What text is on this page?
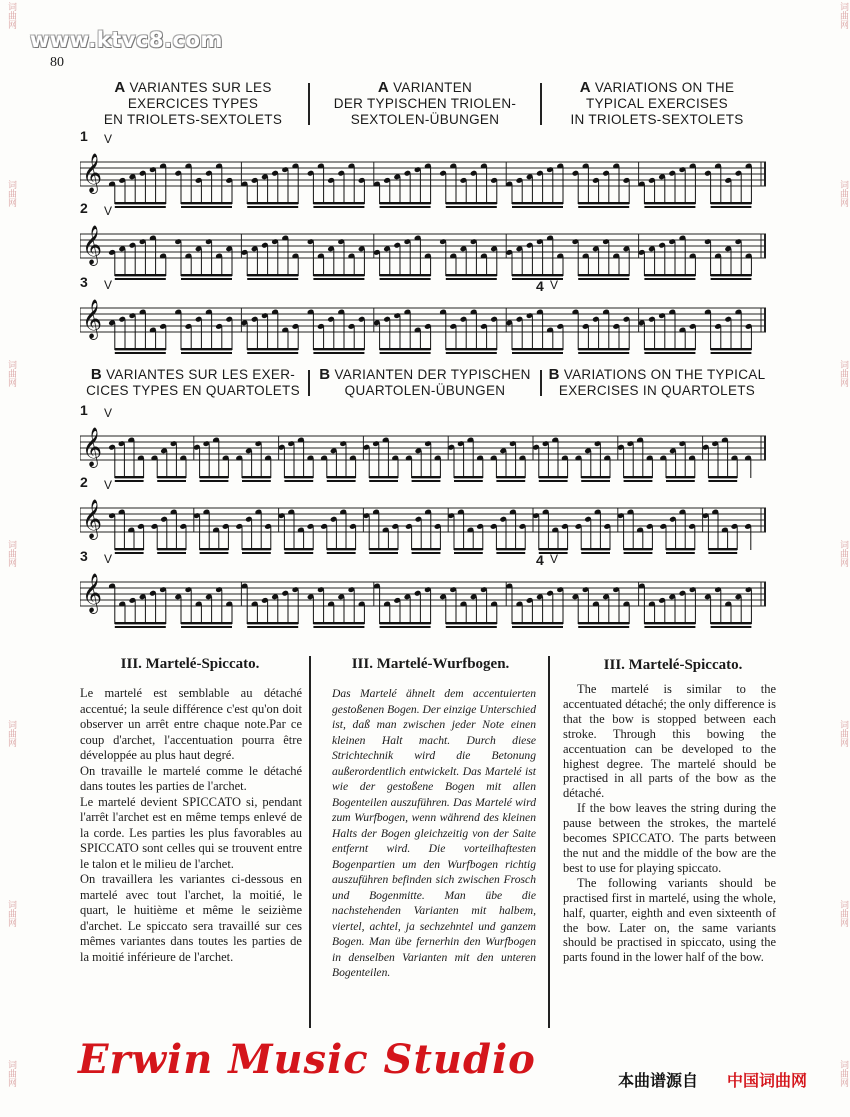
词曲网
词曲网
词曲网
词曲网
词曲网
词曲网
词曲网
词曲网
词曲网
词曲网
词曲网
词曲网
词曲网
词曲网
www.ktvc8.com
80
A VARIANTES SUR LES
EXERCICES TYPES
EN TRIOLETS-SEXTOLETS
A VARIANTEN
DER TYPISCHEN TRIOLEN-
SEXTOLEN-ÜBUNGEN
A VARIATIONS ON THE
TYPICAL EXERCISES
IN TRIOLETS-SEXTOLETS
1 V
𝄞
2 V
𝄞
3 V	4 V
𝄞
B VARIANTES SUR LES EXER-
CICES TYPES EN QUARTOLETS
B VARIANTEN DER TYPISCHEN
QUARTOLEN-ÜBUNGEN
B VARIATIONS ON THE TYPICAL
EXERCISES IN QUARTOLETS
1 V
𝄞
2 V
𝄞
3 V	4 V
𝄞
III. Martelé-Spiccato.	III. Martelé-Wurfbogen.	III. Martelé-Spiccato.

Le martelé est semblable au détaché accentué; la seule différence c'est qu'on doit observer un arrêt entre chaque note.Par ce coup d'archet, l'accentuation pourra être développée au plus haut degré.

On travaille le martelé comme le détaché dans toutes les parties de l'archet.

Le martelé devient SPICCATO si, pendant l'arrêt l'archet est en même temps enlevé de la corde. Les parties les plus favorables au SPICCATO sont celles qui se trouvent entre le talon et le milieu de l'archet.

On travaillera les variantes ci-dessous en martelé avec tout l'archet, la moitié, le quart, le huitième et même le seizième d'archet. Le spiccato sera travaillé sur ces mêmes variantes dans toutes les parties de la moitié inférieure de l'archet.

Das Martelé ähnelt dem accentuierten gestoßenen Bogen. Der einzige Unterschied ist, daß man zwischen jeder Note einen kleinen Halt macht. Durch diese Strichtechnik wird die Betonung außerordentlich entwickelt. Das Martelé ist wie der gestoßene Bogen mit allen Bogenteilen auszuführen. Das Martelé wird zum Wurfbogen, wenn während des kleinen Halts der Bogen gleichzeitig von der Saite entfernt wird. Die vorteilhaftesten Bogenpartien um den Wurfbogen richtig auszuführen befinden sich zwischen Frosch und Bogenmitte. Man übe die nachstehenden Varianten mit halbem, viertel, achtel, ja sechzehntel und ganzem Bogen. Man übe fernerhin den Wurfbogen in denselben Varianten mit den unteren Bogenteilen.

The martelé is similar to the accentuated détaché; the only difference is that the bow is stopped between each stroke. Through this bowing the accentuation can be developed to the highest degree. The martelé should be practised in all parts of the bow as the détaché.

If the bow leaves the string during the pause between the strokes, the martelé becomes SPICCATO. The parts between the nut and the middle of the bow are the best to use for playing spiccato.

The following variants should be practised first in martelé, using the whole, half, quarter, eighth and even sixteenth of the bow. Later on, the same variants should be practised in spiccato, using the parts found in the lower half of the bow.

Erwin Music Studio	本曲谱源自 中国词曲网
